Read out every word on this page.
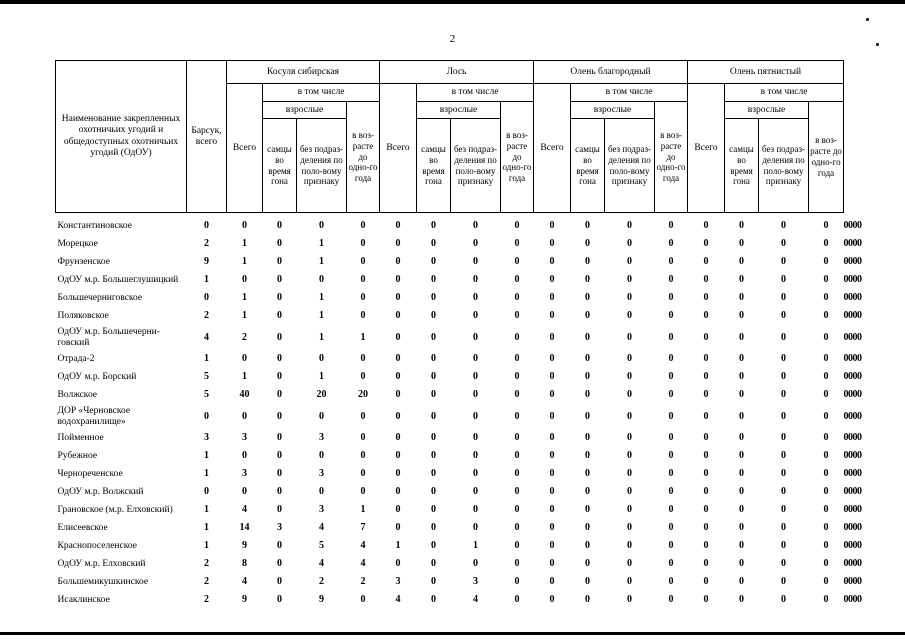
2
Наименование закрепленных охотничьих угодий и общедоступных охотничьих угодий (ОдОУ)	Барсук, всего	Косуля сибирская				Лось				Олень благородный				Олень пятнистый							
		Всего	в том числе			Всего	в том числе			Всего	в том числе			Всего	в том числе						
			взрослые		в воз-расте до одно-го года		взрослые		в воз-расте до одно-го года		взрослые		в воз-расте до одно-го года		взрослые		в воз-расте до одно-го года				
			самцы во время гона	без подраз-деления по поло-вому признаку			самцы во время гона	без подраз-деления по поло-вому признаку			самцы во время гона	без подраз-деления по поло-вому признаку			самцы во время гона	без подраз-деления по поло-вому признаку					
Константиновское	0	0	0	0	0	0	0	0	0	0	0	0	0	0	0	0	0	0	0	0	0
Морецкое	2	1	0	1	0	0	0	0	0	0	0	0	0	0	0	0	0	0	0	0	0
Фрунзенское	9	1	0	1	0	0	0	0	0	0	0	0	0	0	0	0	0	0	0	0	0
ОдОУ м.р. Большеглушицкий	1	0	0	0	0	0	0	0	0	0	0	0	0	0	0	0	0	0	0	0	0
Большечерниговское	0	1	0	1	0	0	0	0	0	0	0	0	0	0	0	0	0	0	0	0	0
Поляковское	2	1	0	1	0	0	0	0	0	0	0	0	0	0	0	0	0	0	0	0	0
ОдОУ м.р. Большечерни-говский	4	2	0	1	1	0	0	0	0	0	0	0	0	0	0	0	0	0	0	0	0
Отрада-2	1	0	0	0	0	0	0	0	0	0	0	0	0	0	0	0	0	0	0	0	0
ОдОУ м.р. Борский	5	1	0	1	0	0	0	0	0	0	0	0	0	0	0	0	0	0	0	0	0
Волжское	5	40	0	20	20	0	0	0	0	0	0	0	0	0	0	0	0	0	0	0	0
ДОР «Черновское водохранилище»	0	0	0	0	0	0	0	0	0	0	0	0	0	0	0	0	0	0	0	0	0
Пойменное	3	3	0	3	0	0	0	0	0	0	0	0	0	0	0	0	0	0	0	0	0
Рубежное	1	0	0	0	0	0	0	0	0	0	0	0	0	0	0	0	0	0	0	0	0
Чернореченское	1	3	0	3	0	0	0	0	0	0	0	0	0	0	0	0	0	0	0	0	0
ОдОУ м.р. Волжский	0	0	0	0	0	0	0	0	0	0	0	0	0	0	0	0	0	0	0	0	0
Грановское (м.р. Елховский)	1	4	0	3	1	0	0	0	0	0	0	0	0	0	0	0	0	0	0	0	0
Елисеевское	1	14	3	4	7	0	0	0	0	0	0	0	0	0	0	0	0	0	0	0	0
Краснопоселенское	1	9	0	5	4	1	0	1	0	0	0	0	0	0	0	0	0	0	0	0	0
ОдОУ м.р. Елховский	2	8	0	4	4	0	0	0	0	0	0	0	0	0	0	0	0	0	0	0	0
Большемикушкинское	2	4	0	2	2	3	0	3	0	0	0	0	0	0	0	0	0	0	0	0	0
Исаклинское	2	9	0	9	0	4	0	4	0	0	0	0	0	0	0	0	0	0	0	0	0
